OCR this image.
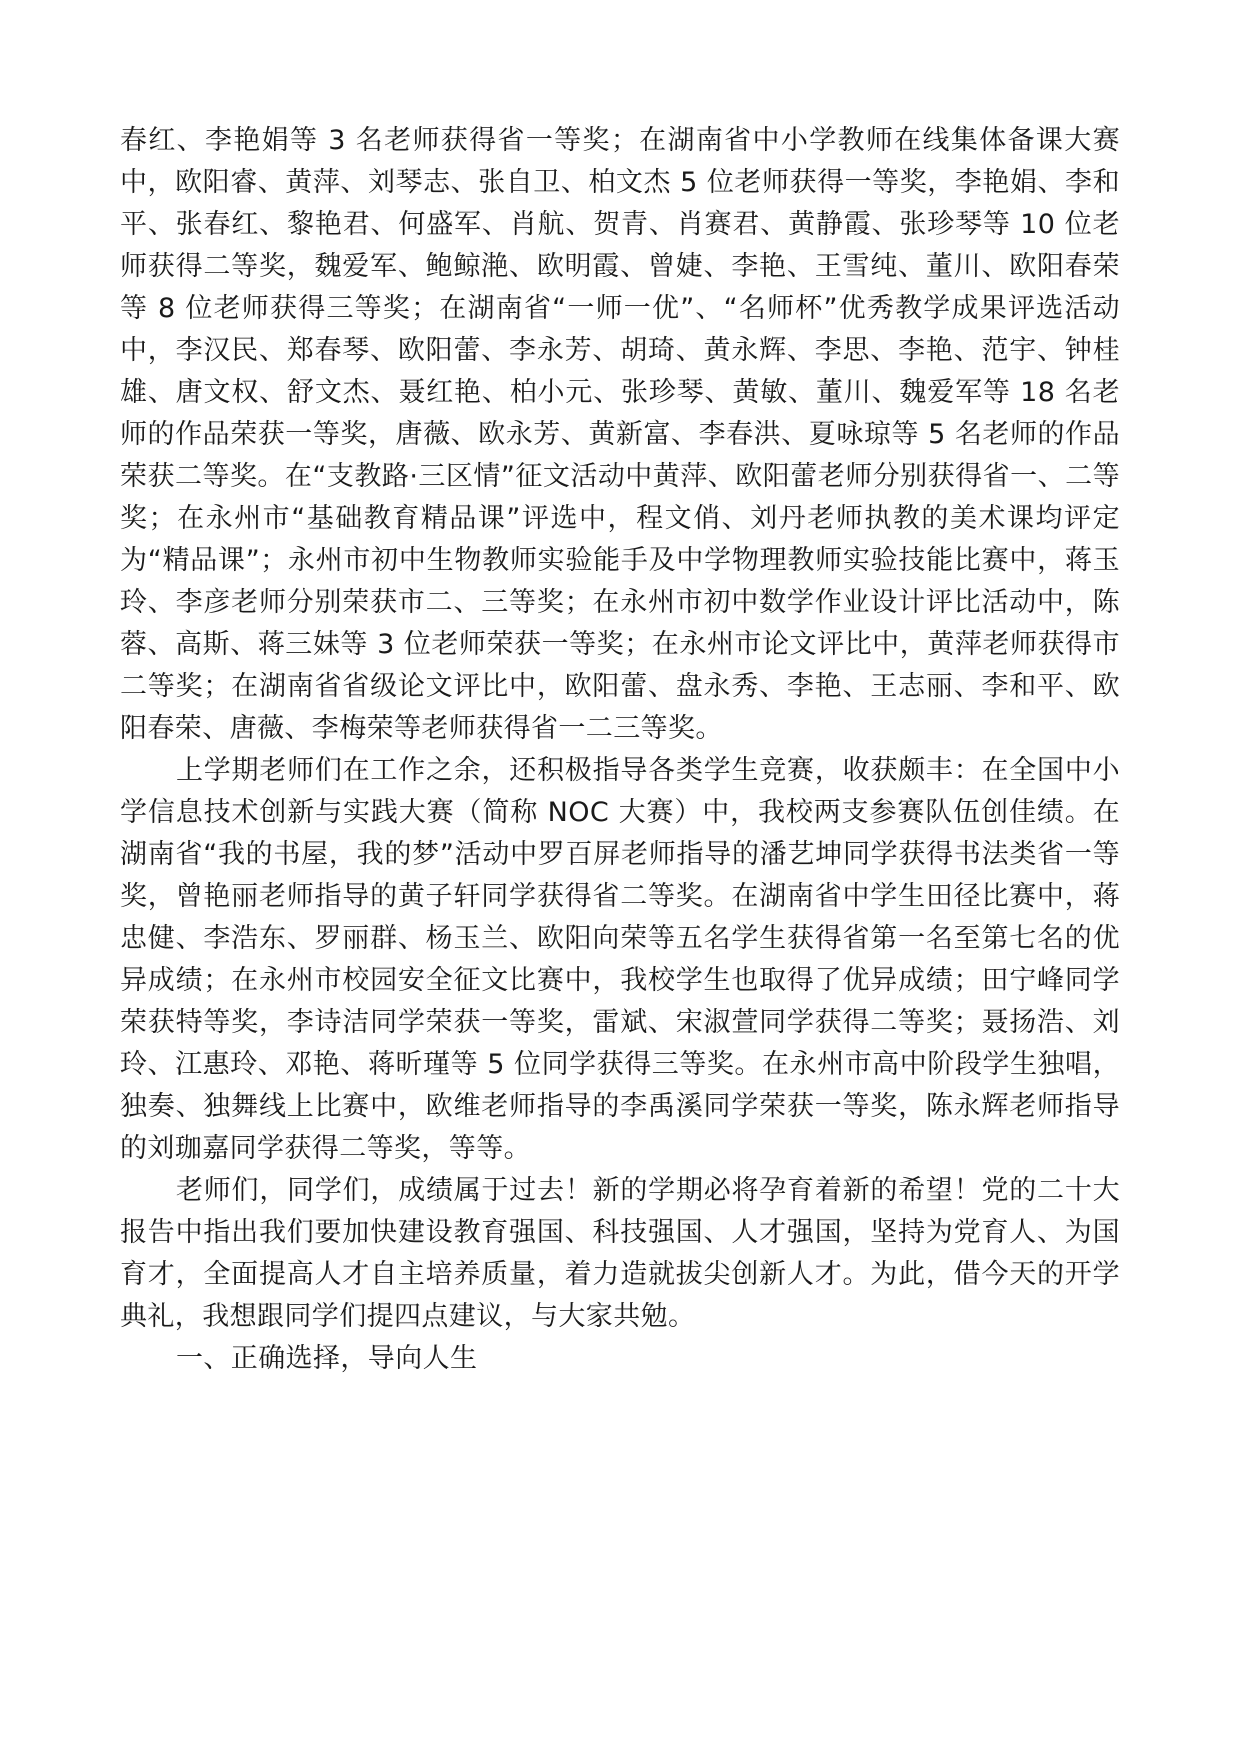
春红、李艳娟等 3 名老师获得省一等奖；在湖南省中小学教师在线集体备课大赛中，欧阳睿、黄萍、刘琴志、张自卫、柏文杰 5 位老师获得一等奖，李艳娟、李和平、张春红、黎艳君、何盛军、肖航、贺青、肖赛君、黄静霞、张珍琴等 10 位老师获得二等奖，魏爱军、鲍鲸滟、欧明霞、曾婕、李艳、王雪纯、董川、欧阳春荣等 8 位老师获得三等奖；在湖南省“一师一优”、“名师杯”优秀教学成果评选活动中，李汉民、郑春琴、欧阳蕾、李永芳、胡琦、黄永辉、李思、李艳、范宇、钟桂雄、唐文权、舒文杰、聂红艳、柏小元、张珍琴、黄敏、董川、魏爱军等 18 名老师的作品荣获一等奖，唐薇、欧永芳、黄新富、李春洪、夏咏琼等 5 名老师的作品荣获二等奖。在“支教路·三区情”征文活动中黄萍、欧阳蕾老师分别获得省一、二等奖；在永州市“基础教育精品课”评选中，程文俏、刘丹老师执教的美术课均评定为“精品课”；永州市初中生物教师实验能手及中学物理教师实验技能比赛中，蒋玉玲、李彦老师分别荣获市二、三等奖；在永州市初中数学作业设计评比活动中，陈蓉、高斯、蒋三妹等 3 位老师荣获一等奖；在永州市论文评比中，黄萍老师获得市二等奖；在湖南省省级论文评比中，欧阳蕾、盘永秀、李艳、王志丽、李和平、欧阳春荣、唐薇、李梅荣等老师获得省一二三等奖。

上学期老师们在工作之余，还积极指导各类学生竞赛，收获颇丰：在全国中小学信息技术创新与实践大赛（简称 NOC 大赛）中，我校两支参赛队伍创佳绩。在湖南省“我的书屋，我的梦”活动中罗百屏老师指导的潘艺坤同学获得书法类省一等奖，曾艳丽老师指导的黄子轩同学获得省二等奖。在湖南省中学生田径比赛中，蒋忠健、李浩东、罗丽群、杨玉兰、欧阳向荣等五名学生获得省第一名至第七名的优异成绩；在永州市校园安全征文比赛中，我校学生也取得了优异成绩；田宁峰同学荣获特等奖，李诗洁同学荣获一等奖，雷斌、宋淑萱同学获得二等奖；聂扬浩、刘玲、江惠玲、邓艳、蒋昕瑾等 5 位同学获得三等奖。在永州市高中阶段学生独唱，独奏、独舞线上比赛中，欧维老师指导的李禹溪同学荣获一等奖，陈永辉老师指导的刘珈嘉同学获得二等奖，等等。

老师们，同学们，成绩属于过去！新的学期必将孕育着新的希望！党的二十大报告中指出我们要加快建设教育强国、科技强国、人才强国，坚持为党育人、为国育才，全面提高人才自主培养质量，着力造就拔尖创新人才。为此，借今天的开学典礼，我想跟同学们提四点建议，与大家共勉。

一、正确选择，导向人生
